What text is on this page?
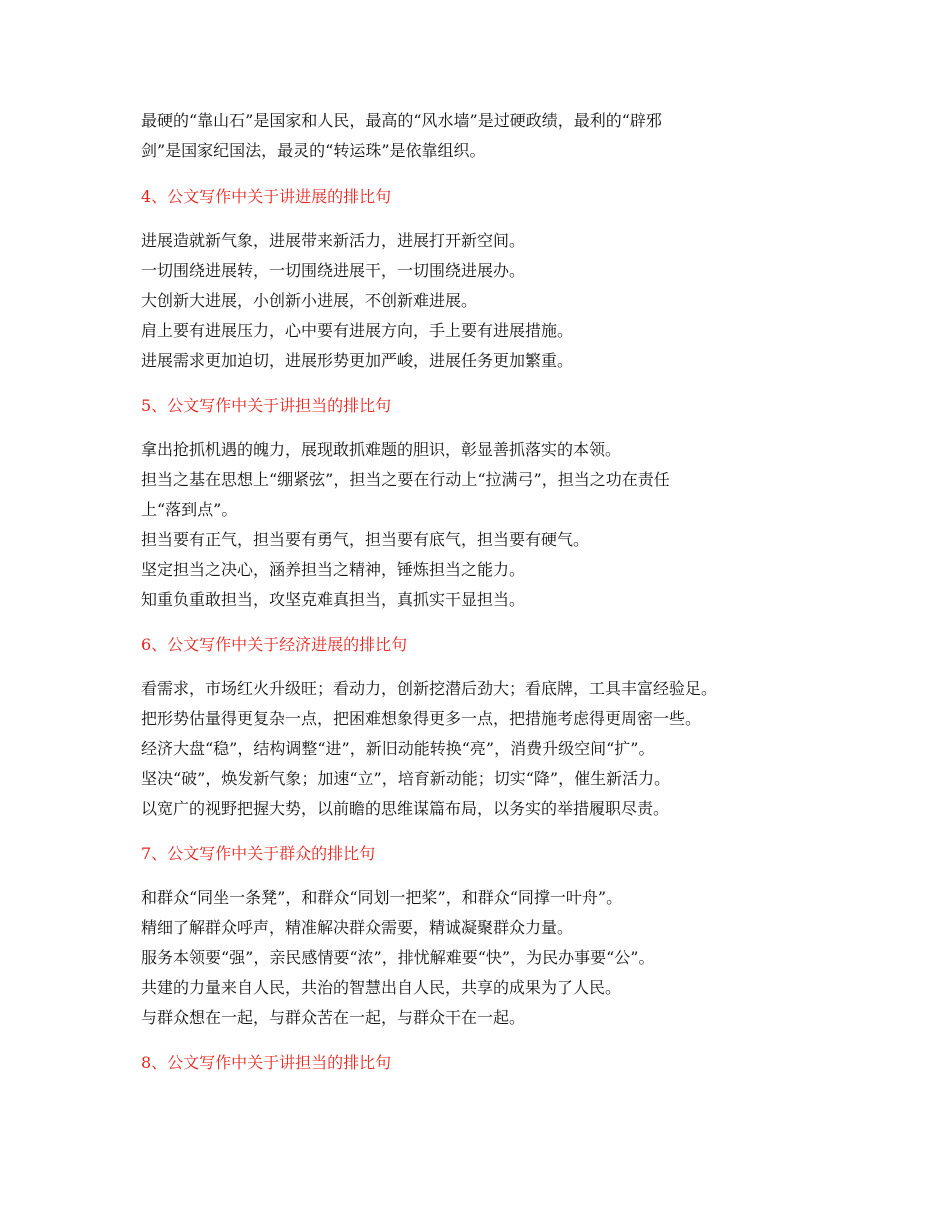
最硬的“靠山石”是国家和人民，最高的“风水墙”是过硬政绩，最利的“辟邪
剑”是国家纪国法，最灵的“转运珠”是依靠组织。
4、公文写作中关于讲进展的排比句
进展造就新气象，进展带来新活力，进展打开新空间。
一切围绕进展转，一切围绕进展干，一切围绕进展办。
大创新大进展，小创新小进展，不创新难进展。
肩上要有进展压力，心中要有进展方向，手上要有进展措施。
进展需求更加迫切，进展形势更加严峻，进展任务更加繁重。
5、公文写作中关于讲担当的排比句
拿出抢抓机遇的魄力，展现敢抓难题的胆识，彰显善抓落实的本领。
担当之基在思想上“绷紧弦”，担当之要在行动上“拉满弓”，担当之功在责任
上“落到点”。
担当要有正气，担当要有勇气，担当要有底气，担当要有硬气。
坚定担当之决心，涵养担当之精神，锤炼担当之能力。
知重负重敢担当，攻坚克难真担当，真抓实干显担当。
6、公文写作中关于经济进展的排比句
看需求，市场红火升级旺；看动力，创新挖潜后劲大；看底牌，工具丰富经验足。
把形势估量得更复杂一点，把困难想象得更多一点，把措施考虑得更周密一些。
经济大盘“稳”，结构调整“进”，新旧动能转换“亮”，消费升级空间“扩”。
坚决“破”，焕发新气象；加速“立”，培育新动能；切实“降”，催生新活力。
以宽广的视野把握大势，以前瞻的思维谋篇布局，以务实的举措履职尽责。
7、公文写作中关于群众的排比句
和群众“同坐一条凳”，和群众“同划一把桨”，和群众“同撑一叶舟”。
精细了解群众呼声，精准解决群众需要，精诚凝聚群众力量。
服务本领要“强”，亲民感情要“浓”，排忧解难要“快”，为民办事要“公”。
共建的力量来自人民，共治的智慧出自人民，共享的成果为了人民。
与群众想在一起，与群众苦在一起，与群众干在一起。
8、公文写作中关于讲担当的排比句
